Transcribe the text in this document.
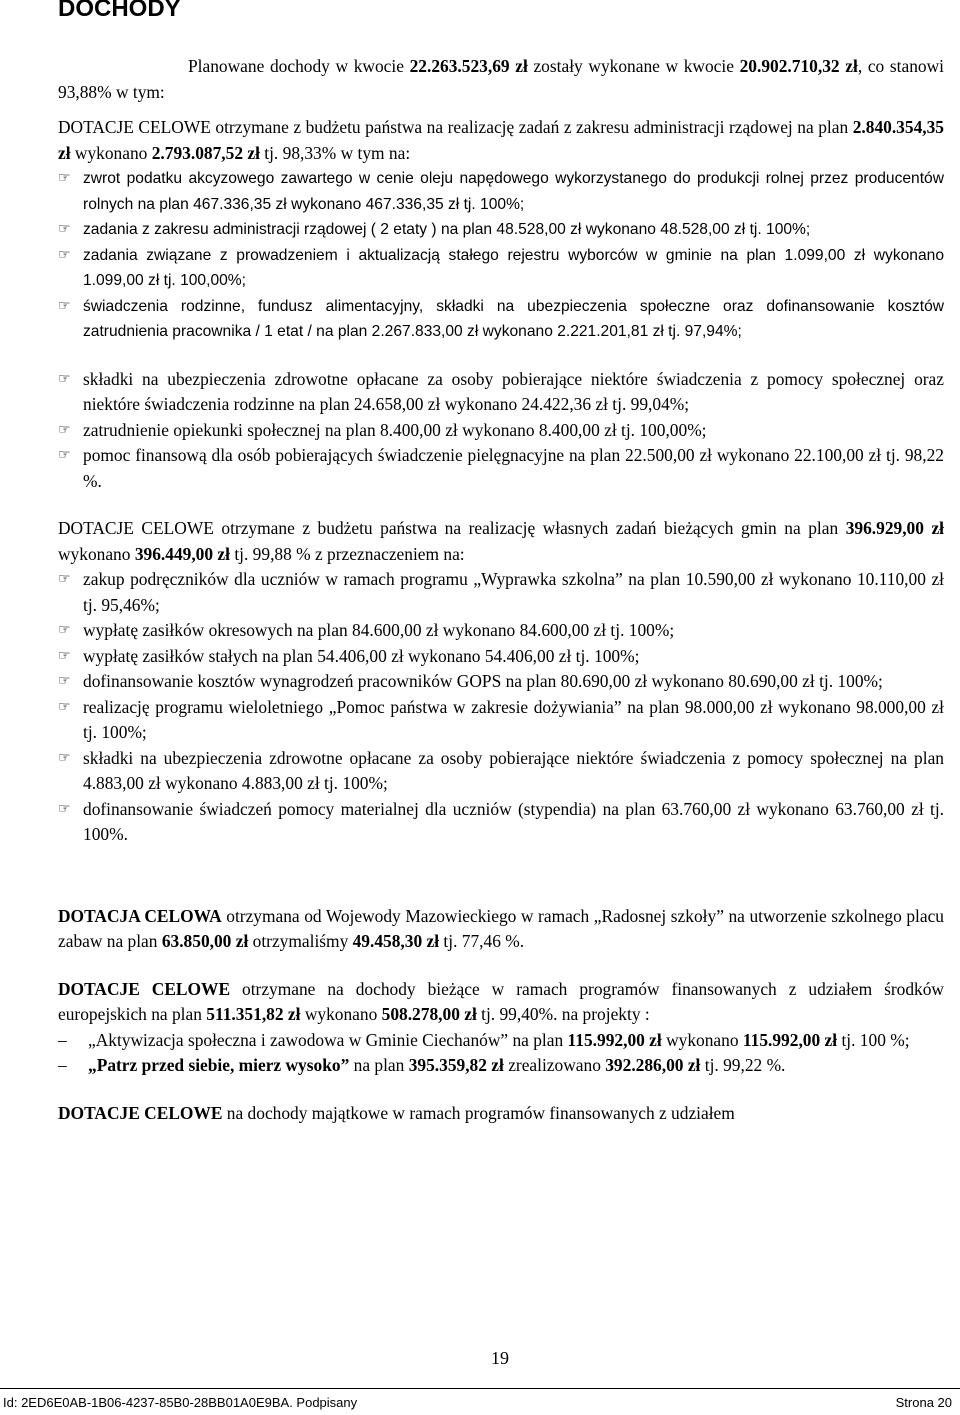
DOCHODY

Planowane dochody w kwocie 22.263.523,69 zł zostały wykonane w kwocie 20.902.710,32 zł, co stanowi 93,88% w tym:

DOTACJE CELOWE otrzymane z budżetu państwa na realizację zadań z zakresu administracji rządowej na plan 2.840.354,35 zł wykonano 2.793.087,52 zł tj. 98,33% w tym na:

☞ zwrot podatku akcyzowego zawartego w cenie oleju napędowego wykorzystanego do produkcji rolnej przez producentów rolnych na plan 467.336,35 zł wykonano 467.336,35 zł tj. 100%;
☞ zadania z zakresu administracji rządowej ( 2 etaty ) na plan 48.528,00 zł wykonano 48.528,00 zł tj. 100%;
☞ zadania związane z prowadzeniem i aktualizacją stałego rejestru wyborców w gminie na plan 1.099,00 zł wykonano 1.099,00 zł tj. 100,00%;
☞ świadczenia rodzinne, fundusz alimentacyjny, składki na ubezpieczenia społeczne oraz dofinansowanie kosztów zatrudnienia pracownika / 1 etat / na plan 2.267.833,00 zł wykonano 2.221.201,81 zł tj. 97,94%;
☞ składki na ubezpieczenia zdrowotne opłacane za osoby pobierające niektóre świadczenia z pomocy społecznej oraz niektóre świadczenia rodzinne na plan 24.658,00 zł wykonano 24.422,36 zł tj. 99,04%;
☞ zatrudnienie opiekunki społecznej na plan 8.400,00 zł wykonano 8.400,00 zł tj. 100,00%;
☞ pomoc finansową dla osób pobierających świadczenie pielęgnacyjne na plan 22.500,00 zł wykonano 22.100,00 zł tj. 98,22 %.

DOTACJE CELOWE otrzymane z budżetu państwa na realizację własnych zadań bieżących gmin na plan 396.929,00 zł wykonano 396.449,00 zł tj. 99,88 % z przeznaczeniem na:

☞ zakup podręczników dla uczniów w ramach programu „Wyprawka szkolna” na plan 10.590,00 zł wykonano 10.110,00 zł tj. 95,46%;
☞ wypłatę zasiłków okresowych na plan 84.600,00 zł wykonano 84.600,00 zł tj. 100%;
☞ wypłatę zasiłków stałych na plan 54.406,00 zł wykonano 54.406,00 zł tj. 100%;
☞ dofinansowanie kosztów wynagrodzeń pracowników GOPS na plan 80.690,00 zł wykonano 80.690,00 zł tj. 100%;
☞ realizację programu wieloletniego „Pomoc państwa w zakresie dożywiania” na plan 98.000,00 zł wykonano 98.000,00 zł tj. 100%;
☞ składki na ubezpieczenia zdrowotne opłacane za osoby pobierające niektóre świadczenia z pomocy społecznej na plan 4.883,00 zł wykonano 4.883,00 zł tj. 100%;
☞ dofinansowanie świadczeń pomocy materialnej dla uczniów (stypendia) na plan 63.760,00 zł wykonano 63.760,00 zł tj. 100%.

DOTACJA CELOWA otrzymana od Wojewody Mazowieckiego w ramach „Radosnej szkoły” na utworzenie szkolnego placu zabaw na plan 63.850,00 zł otrzymaliśmy 49.458,30 zł tj. 77,46 %.

DOTACJE CELOWE otrzymane na dochody bieżące w ramach programów finansowanych z udziałem środków europejskich na plan 511.351,82 zł wykonano 508.278,00 zł tj. 99,40%. na projekty :

– „Aktywizacja społeczna i zawodowa w Gminie Ciechanów” na plan 115.992,00 zł wykonano 115.992,00 zł tj. 100 %;
– „Patrz przed siebie, mierz wysoko” na plan 395.359,82 zł zrealizowano 392.286,00 zł tj. 99,22 %.

DOTACJE CELOWE na dochody majątkowe w ramach programów finansowanych z udziałem

19
Id: 2ED6E0AB-1B06-4237-85B0-28BB01A0E9BA. Podpisany	Strona 20
